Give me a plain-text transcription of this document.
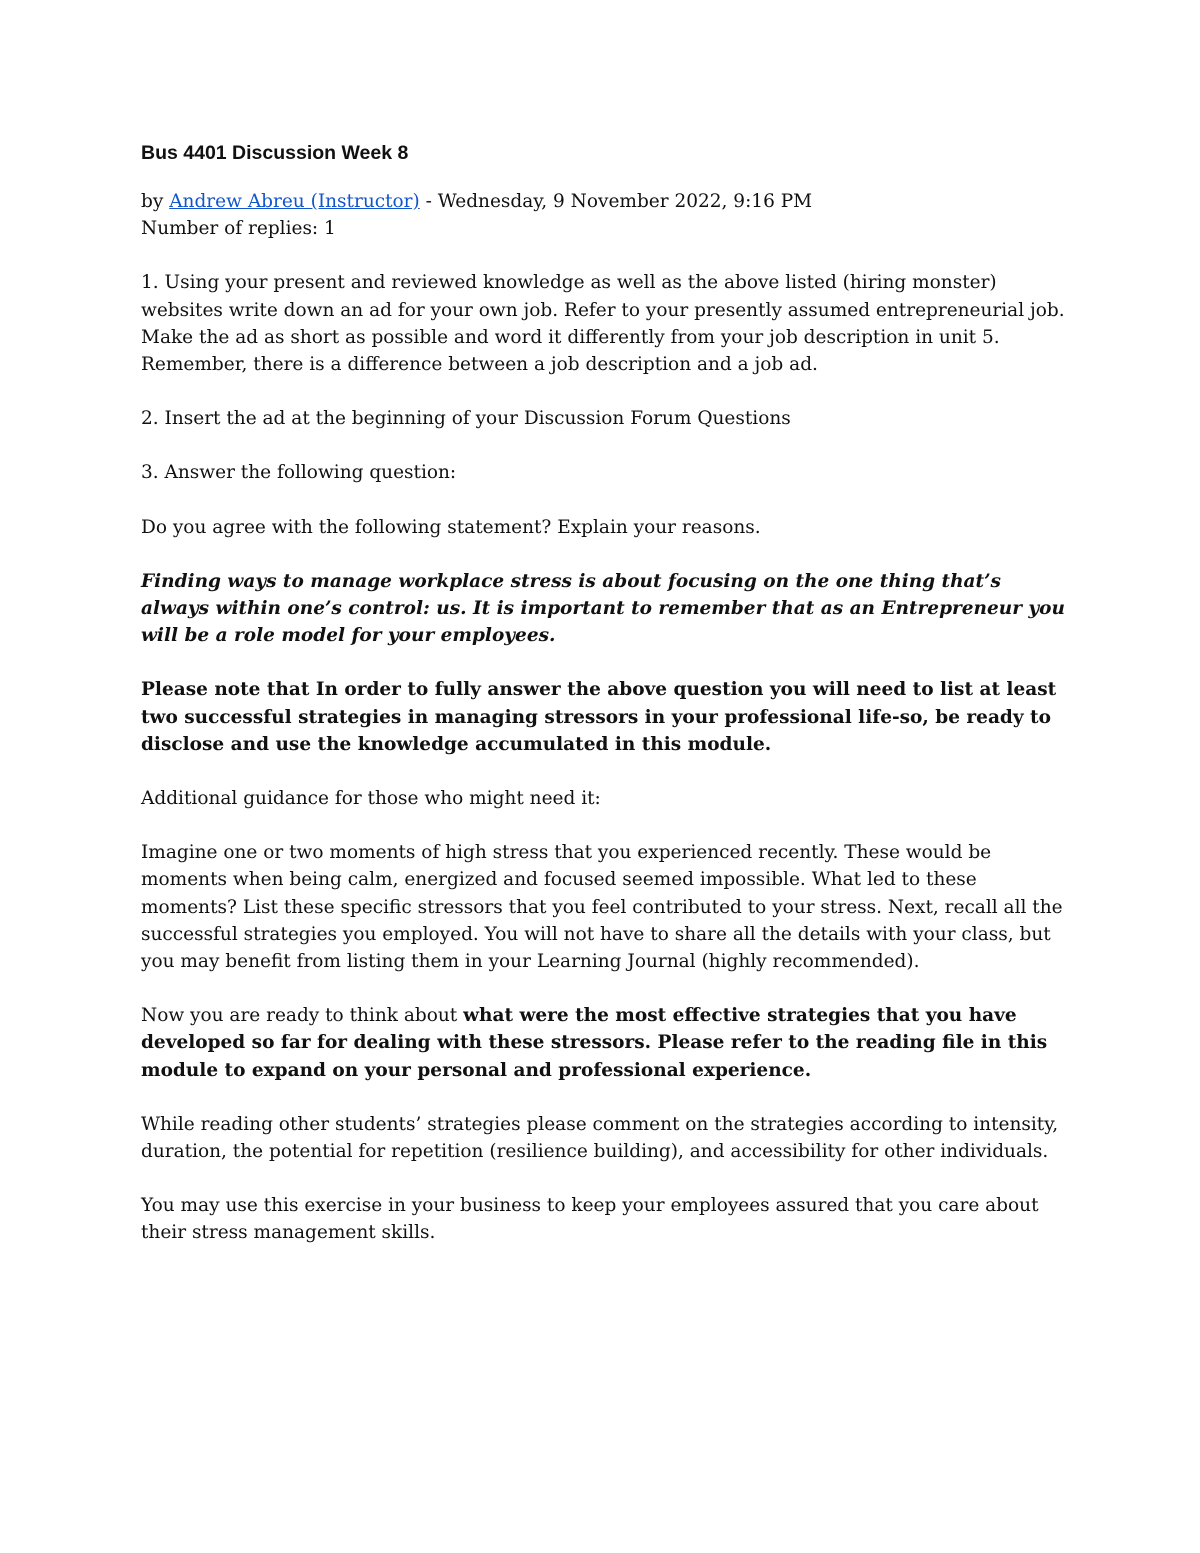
Bus 4401 Discussion Week 8
by Andrew Abreu (Instructor) - Wednesday, 9 November 2022, 9:16 PM
Number of replies: 1

1. Using your present and reviewed knowledge as well as the above listed (hiring monster) websites write down an ad for your own job. Refer to your presently assumed entrepreneurial job. Make the ad as short as possible and word it differently from your job description in unit 5. Remember, there is a difference between a job description and a job ad.

2. Insert the ad at the beginning of your Discussion Forum Questions

3. Answer the following question:

Do you agree with the following statement? Explain your reasons.

Finding ways to manage workplace stress is about focusing on the one thing that’s always within one’s control: us. It is important to remember that as an Entrepreneur you will be a role model for your employees.

Please note that In order to fully answer the above question you will need to list at least two successful strategies in managing stressors in your professional life-so, be ready to disclose and use the knowledge accumulated in this module.

Additional guidance for those who might need it:

Imagine one or two moments of high stress that you experienced recently. These would be moments when being calm, energized and focused seemed impossible. What led to these moments? List these specific stressors that you feel contributed to your stress. Next, recall all the successful strategies you employed. You will not have to share all the details with your class, but you may benefit from listing them in your Learning Journal (highly recommended).

Now you are ready to think about what were the most effective strategies that you have developed so far for dealing with these stressors. Please refer to the reading file in this module to expand on your personal and professional experience.

While reading other students’ strategies please comment on the strategies according to intensity, duration, the potential for repetition (resilience building), and accessibility for other individuals.

You may use this exercise in your business to keep your employees assured that you care about their stress management skills.
